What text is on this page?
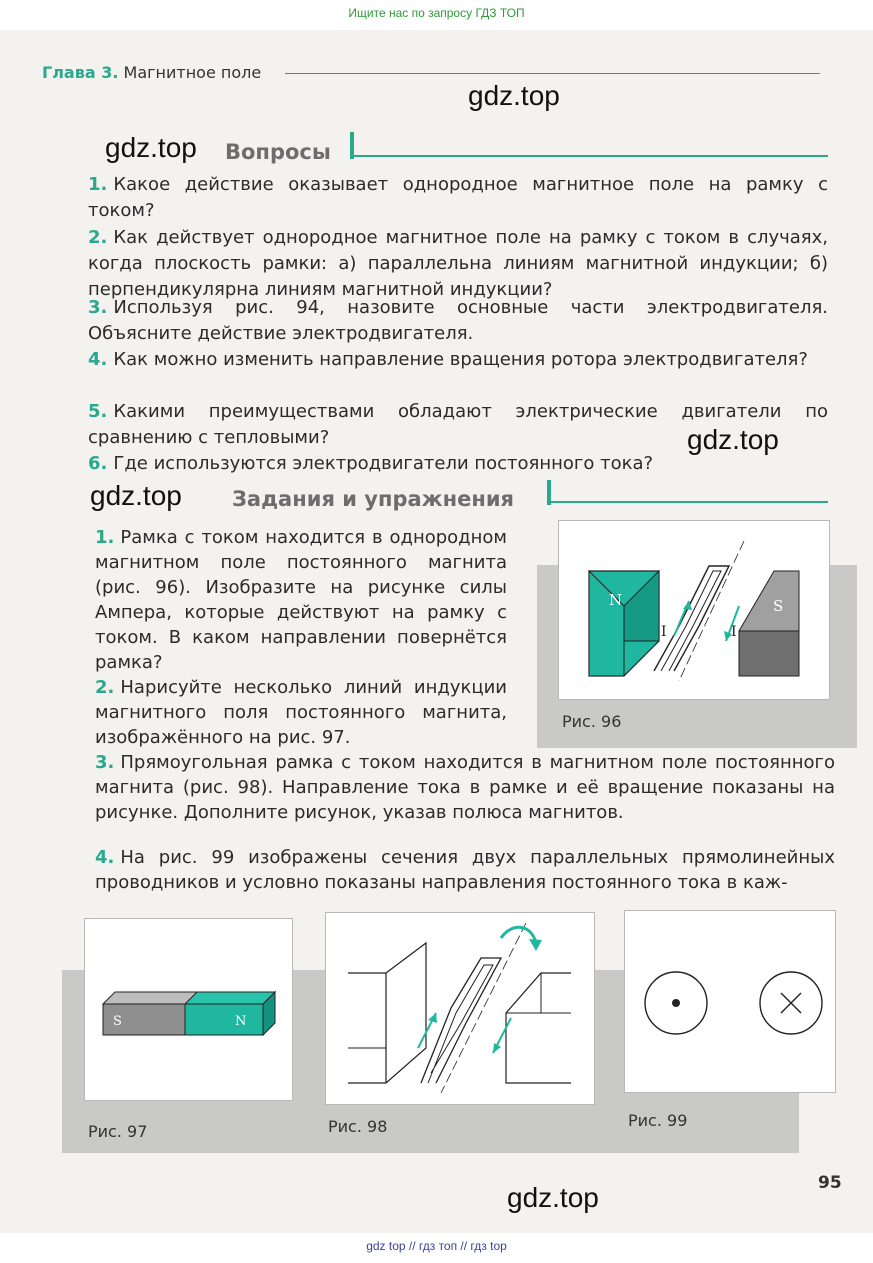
Ищите нас по запросу ГДЗ ТОП
Глава 3. Магнитное поле
gdz.top
gdz.top
gdz.top
gdz.top
gdz.top
Вопросы
1. Какое действие оказывает однородное магнитное поле на рамку с током?
2. Как действует однородное магнитное поле на рамку с током в случаях, когда плоскость рамки: а) параллельна линиям магнитной индукции; б) перпендикулярна линиям магнитной индукции?
3. Используя рис. 94, назовите основные части электродвигателя. Объясните действие электродвигателя.
4. Как можно изменить направление вращения ротора электродвигателя?
5. Какими преимуществами обладают электрические двигатели по сравнению с тепловыми?
6. Где используются электродвигатели постоянного тока?
Задания и упражнения
1. Рамка с током находится в однородном магнитном поле постоянного магнита (рис. 96). Изобразите на рисунке силы Ампера, которые действуют на рамку с током. В каком направлении повернётся рамка?
2. Нарисуйте несколько линий индукции магнитного поля постоянного магнита, изображённого на рис. 97.
3. Прямоугольная рамка с током находится в магнитном поле постоянного магнита (рис. 98). Направление тока в рамке и её вращение показаны на рисунке. Дополните рисунок, указав полюса магнитов.
4. На рис. 99 изображены сечения двух параллельных прямолинейных проводников и условно показаны направления постоянного тока в каж-
N	S
I	I
Рис. 96
S	N
Рис. 97	Рис. 98	Рис. 99
95
gdz top // гдз топ // гдз top
